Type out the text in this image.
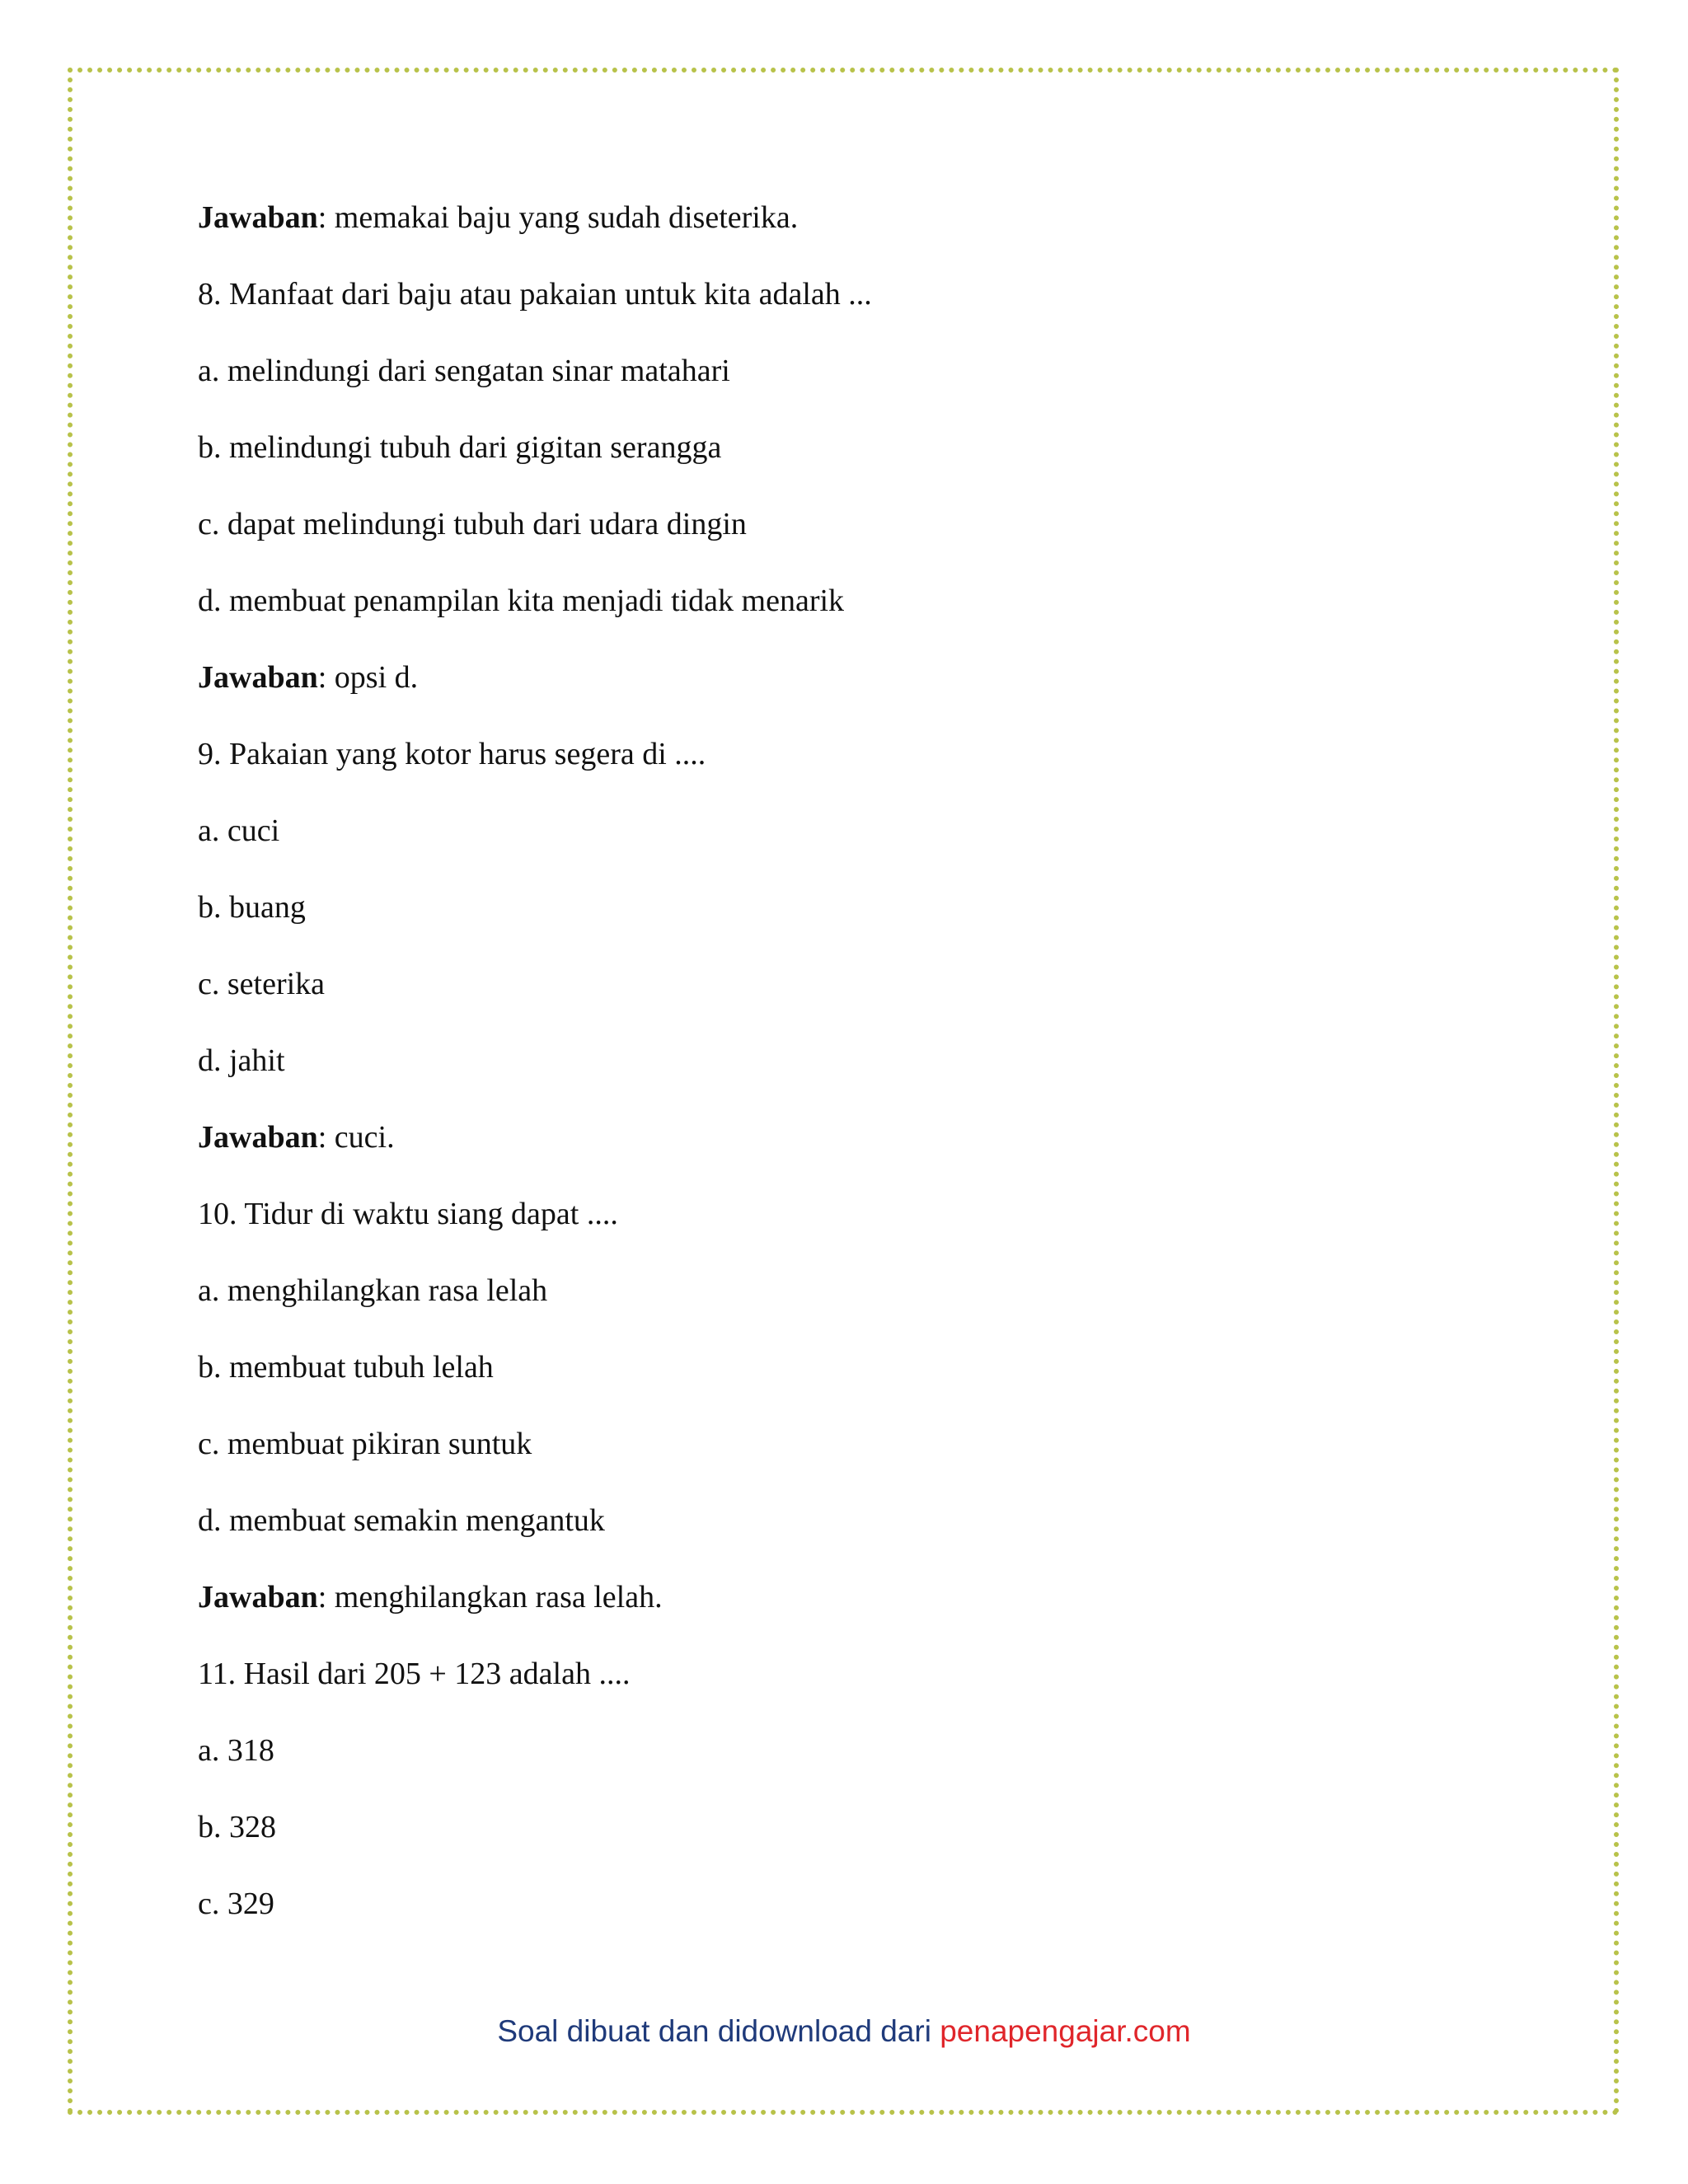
Jawaban: memakai baju yang sudah diseterika.
8. Manfaat dari baju atau pakaian untuk kita adalah ...
a. melindungi dari sengatan sinar matahari
b. melindungi tubuh dari gigitan serangga
c. dapat melindungi tubuh dari udara dingin
d. membuat penampilan kita menjadi tidak menarik
Jawaban: opsi d.
9. Pakaian yang kotor harus segera di ....
a. cuci
b. buang
c. seterika
d. jahit
Jawaban: cuci.
10. Tidur di waktu siang dapat ....
a. menghilangkan rasa lelah
b. membuat tubuh lelah
c. membuat pikiran suntuk
d. membuat semakin mengantuk
Jawaban: menghilangkan rasa lelah.
11. Hasil dari 205 + 123 adalah ....
a. 318
b. 328
c. 329
Soal dibuat dan didownload dari penapengajar.com
